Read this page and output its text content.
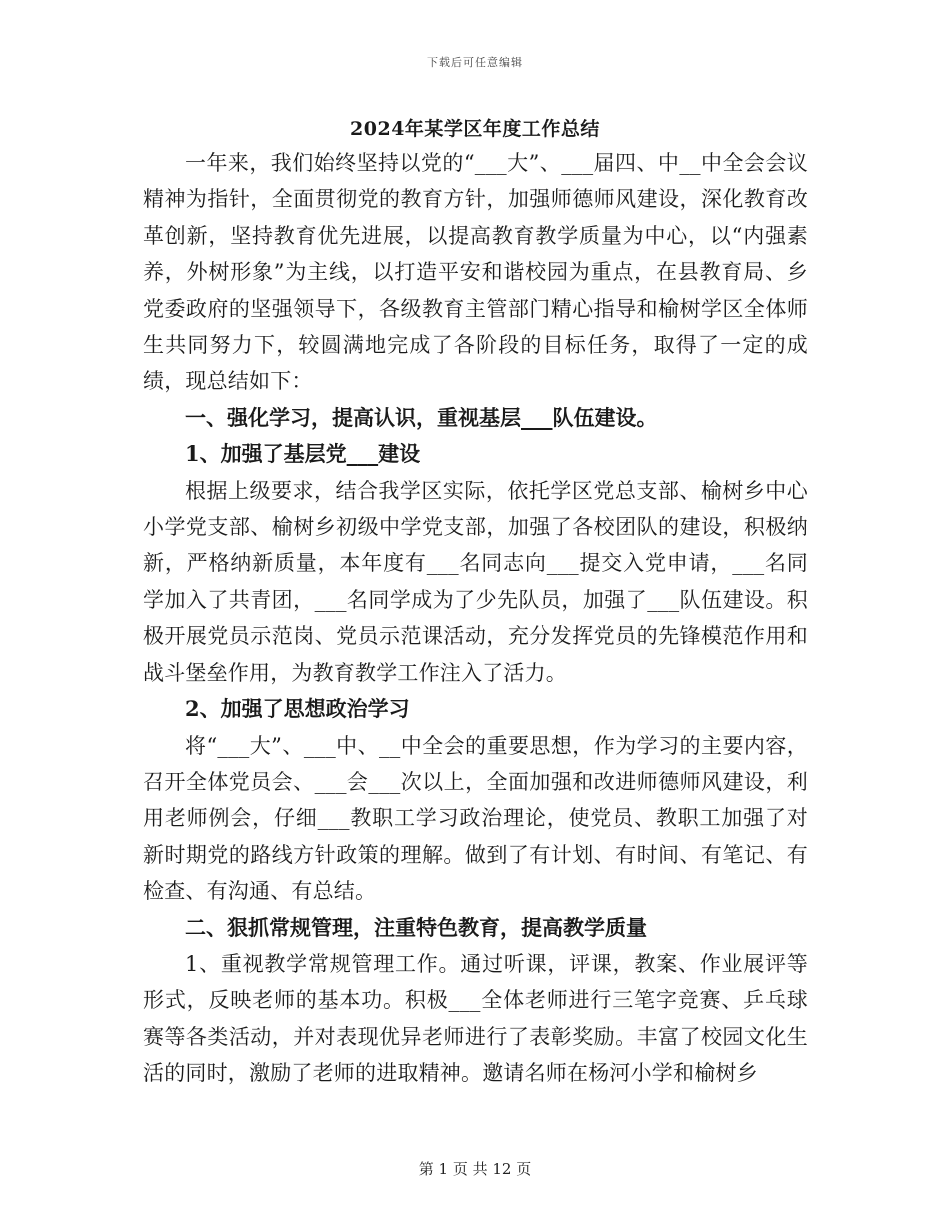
下载后可任意编辑
2024年某学区年度工作总结

一年来，我们始终坚持以党的“___大”、___届四、中__中全会会议精神为指针，全面贯彻党的教育方针，加强师德师风建设，深化教育改革创新，坚持教育优先进展，以提高教育教学质量为中心，以“内强素养，外树形象”为主线，以打造平安和谐校园为重点，在县教育局、乡党委政府的坚强领导下，各级教育主管部门精心指导和榆树学区全体师生共同努力下，较圆满地完成了各阶段的目标任务，取得了一定的成绩，现总结如下：

一、强化学习，提高认识，重视基层___队伍建设。

1、加强了基层党___建设

根据上级要求，结合我学区实际，依托学区党总支部、榆树乡中心小学党支部、榆树乡初级中学党支部，加强了各校团队的建设，积极纳新，严格纳新质量，本年度有___名同志向___提交入党申请，___名同学加入了共青团，___名同学成为了少先队员，加强了___队伍建设。积极开展党员示范岗、党员示范课活动，充分发挥党员的先锋模范作用和战斗堡垒作用，为教育教学工作注入了活力。

2、加强了思想政治学习

将“___大”、___中、__中全会的重要思想，作为学习的主要内容，召开全体党员会、___会___次以上，全面加强和改进师德师风建设，利用老师例会，仔细___教职工学习政治理论，使党员、教职工加强了对新时期党的路线方针政策的理解。做到了有计划、有时间、有笔记、有检查、有沟通、有总结。

二、狠抓常规管理，注重特色教育，提高教学质量

1、重视教学常规管理工作。通过听课，评课，教案、作业展评等形式，反映老师的基本功。积极___全体老师进行三笔字竞赛、乒乓球赛等各类活动，并对表现优异老师进行了表彰奖励。丰富了校园文化生活的同时，激励了老师的进取精神。邀请名师在杨河小学和榆树乡

第 1 页 共 12 页
